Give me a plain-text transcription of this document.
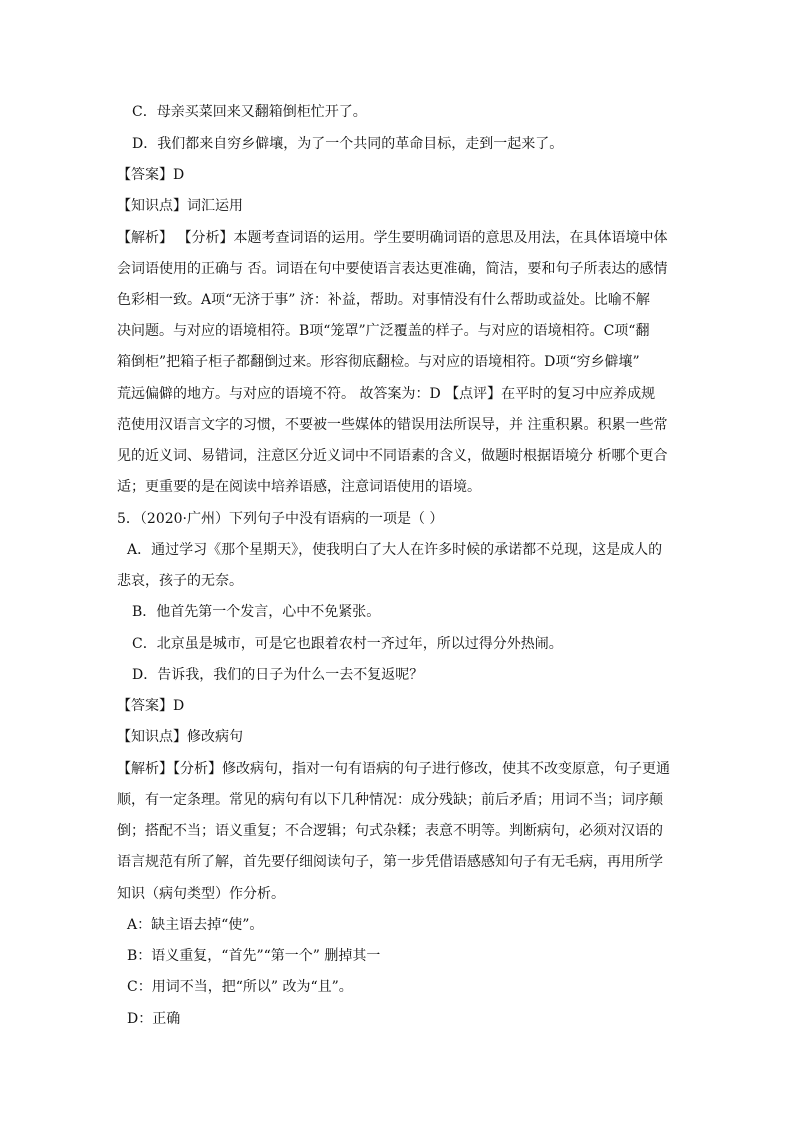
C．母亲买菜回来又翻箱倒柜忙开了。
D．我们都来自穷乡僻壤，为了一个共同的革命目标，走到一起来了。
【答案】D
【知识点】词汇运用
【解析】 【分析】本题考查词语的运用。学生要明确词语的意思及用法，在具体语境中体
会词语使用的正确与 否。词语在句中要使语言表达更准确，简洁，要和句子所表达的感情
色彩相一致。A项“无济于事” 济：补益，帮助。对事情没有什么帮助或益处。比喻不解
决问题。与对应的语境相符。B项“笼罩”广泛覆盖的样子。与对应的语境相符。C项“翻
箱倒柜”把箱子柜子都翻倒过来。形容彻底翻检。与对应的语境相符。D项“穷乡僻壤”
荒远偏僻的地方。与对应的语境不符。 故答案为：D 【点评】在平时的复习中应养成规
范使用汉语言文字的习惯，不要被一些媒体的错误用法所误导，并 注重积累。积累一些常
见的近义词、易错词，注意区分近义词中不同语素的含义，做题时根据语境分 析哪个更合
适；更重要的是在阅读中培养语感，注意词语使用的语境。
5．（2020·广州）下列句子中没有语病的一项是（ ）
A．通过学习《那个星期天》，使我明白了大人在许多时候的承诺都不兑现，这是成人的
悲哀，孩子的无奈。
B．他首先第一个发言，心中不免紧张。
C．北京虽是城市，可是它也跟着农村一齐过年，所以过得分外热闹。
D．告诉我，我们的日子为什么一去不复返呢？
【答案】D
【知识点】修改病句
【解析】【分析】修改病句，指对一句有语病的句子进行修改，使其不改变原意，句子更通
顺，有一定条理。常见的病句有以下几种情况：成分残缺；前后矛盾；用词不当；词序颠
倒；搭配不当；语义重复；不合逻辑；句式杂糅；表意不明等。判断病句，必须对汉语的
语言规范有所了解，首先要仔细阅读句子，第一步凭借语感感知句子有无毛病，再用所学
知识（病句类型）作分析。
A：缺主语去掉“使”。
B：语义重复，“首先”“第一个” 删掉其一
C：用词不当，把“所以” 改为“且”。
D：正确
